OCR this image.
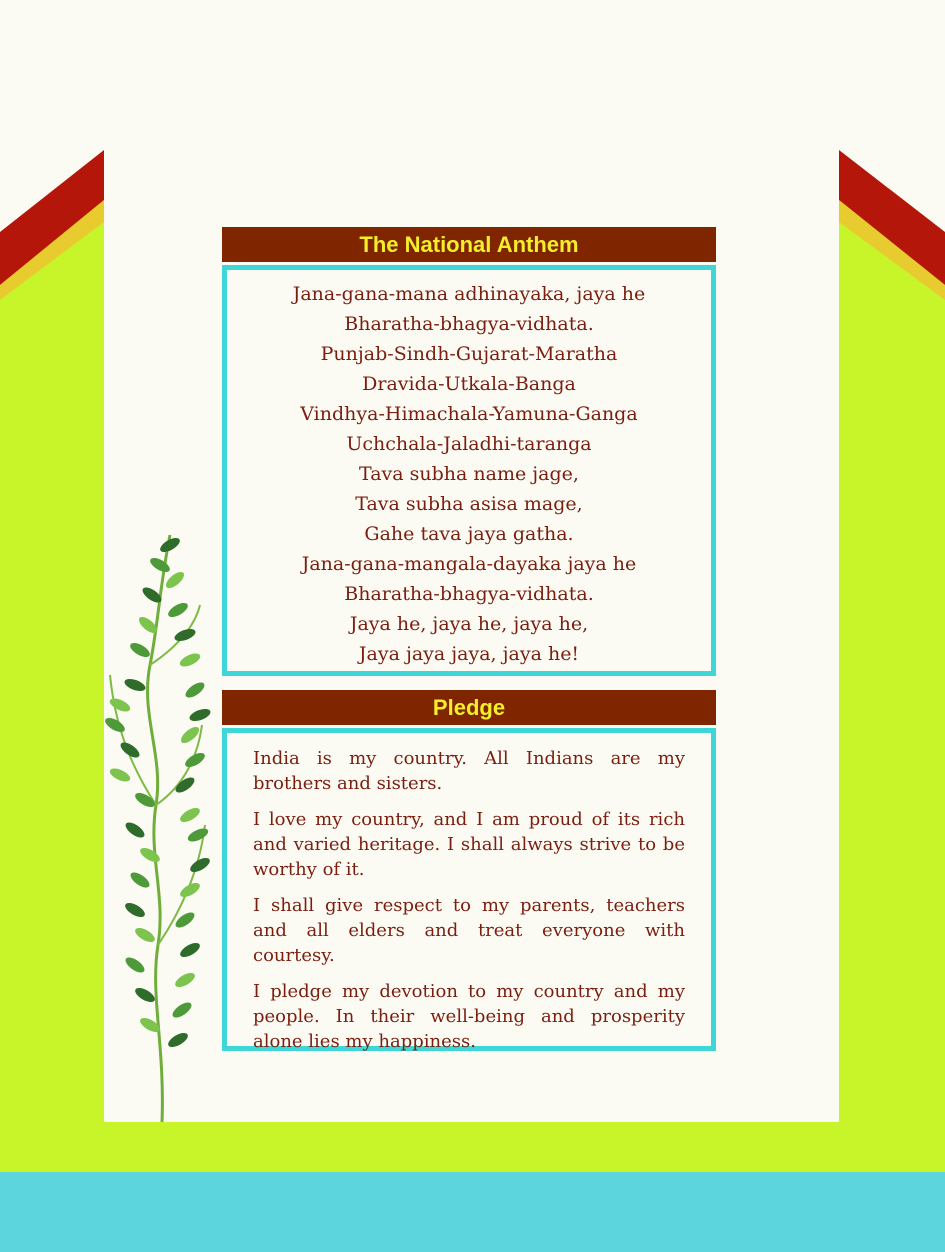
The National Anthem
Jana-gana-mana adhinayaka, jaya he
Bharatha-bhagya-vidhata.
Punjab-Sindh-Gujarat-Maratha
Dravida-Utkala-Banga
Vindhya-Himachala-Yamuna-Ganga
Uchchala-Jaladhi-taranga
Tava subha name jage,
Tava subha asisa mage,
Gahe tava jaya gatha.
Jana-gana-mangala-dayaka jaya he
Bharatha-bhagya-vidhata.
Jaya he, jaya he, jaya he,
Jaya jaya jaya, jaya he!
Pledge

India is my country. All Indians are my brothers and sisters.

I love my country, and I am proud of its rich and varied heritage. I shall always strive to be worthy of it.

I shall give respect to my parents, teachers and all elders and treat everyone with courtesy.

I pledge my devotion to my country and my people. In their well-being and prosperity alone lies my happiness.
